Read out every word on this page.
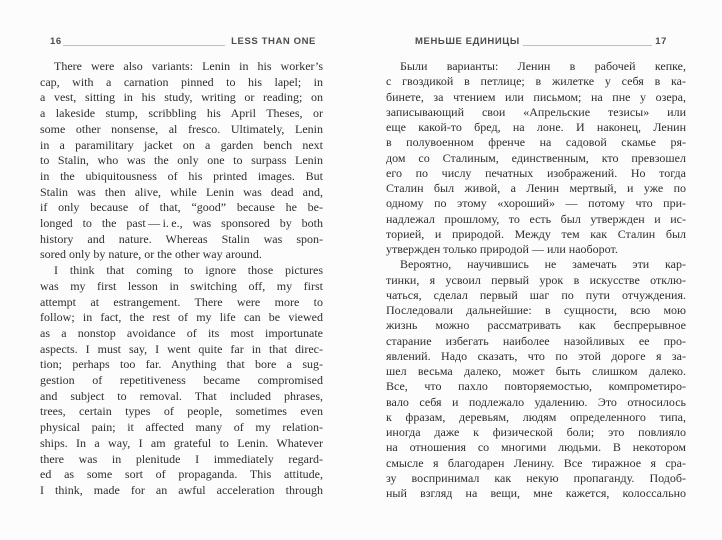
16	LESS THAN ONE
There were also variants: Lenin in his worker’s
cap, with a carnation pinned to his lapel; in
a vest, sitting in his study, writing or reading; on
a lakeside stump, scribbling his April Theses, or
some other nonsense, al fresco. Ultimately, Lenin
in a paramilitary jacket on a garden bench next
to Stalin, who was the only one to surpass Lenin
in the ubiquitousness of his printed images. But
Stalin was then alive, while Lenin was dead and,
if only because of that, “good” because he be-
longed to the past — i. e., was sponsored by both
history and nature. Whereas Stalin was spon-
sored only by nature, or the other way around.
I think that coming to ignore those pictures
was my first lesson in switching off, my first
attempt at estrangement. There were more to
follow; in fact, the rest of my life can be viewed
as a nonstop avoidance of its most importunate
aspects. I must say, I went quite far in that direc-
tion; perhaps too far. Anything that bore a sug-
gestion of repetitiveness became compromised
and subject to removal. That included phrases,
trees, certain types of people, sometimes even
physical pain; it affected many of my relation-
ships. In a way, I am grateful to Lenin. Whatever
there was in plenitude I immediately regard-
ed as some sort of propaganda. This attitude,
I think, made for an awful acceleration through
МЕНЬШЕ ЕДИНИЦЫ	17
Были варианты: Ленин в рабочей кепке,
с гвоздикой в петлице; в жилетке у себя в ка-
бинете, за чтением или письмом; на пне у озера,
записывающий свои «Апрельские тезисы» или
еще какой-то бред, на лоне. И наконец, Ленин
в полувоенном френче на садовой скамье ря-
дом со Сталиным, единственным, кто превзошел
его по числу печатных изображений. Но тогда
Сталин был живой, а Ленин мертвый, и уже по
одному по этому «хороший» — потому что при-
надлежал прошлому, то есть был утвержден и ис-
торией, и природой. Между тем как Сталин был
утвержден только природой — или наоборот.
Вероятно, научившись не замечать эти кар-
тинки, я усвоил первый урок в искусстве отклю-
чаться, сделал первый шаг по пути отчуждения.
Последовали дальнейшие: в сущности, всю мою
жизнь можно рассматривать как беспрерывное
старание избегать наиболее назойливых ее про-
явлений. Надо сказать, что по этой дороге я за-
шел весьма далеко, может быть слишком далеко.
Все, что пахло повторяемостью, компрометиро-
вало себя и подлежало удалению. Это относилось
к фразам, деревьям, людям определенного типа,
иногда даже к физической боли; это повлияло
на отношения со многими людьми. В некотором
смысле я благодарен Ленину. Все тиражное я сра-
зу воспринимал как некую пропаганду. Подоб-
ный взгляд на вещи, мне кажется, колоссально
